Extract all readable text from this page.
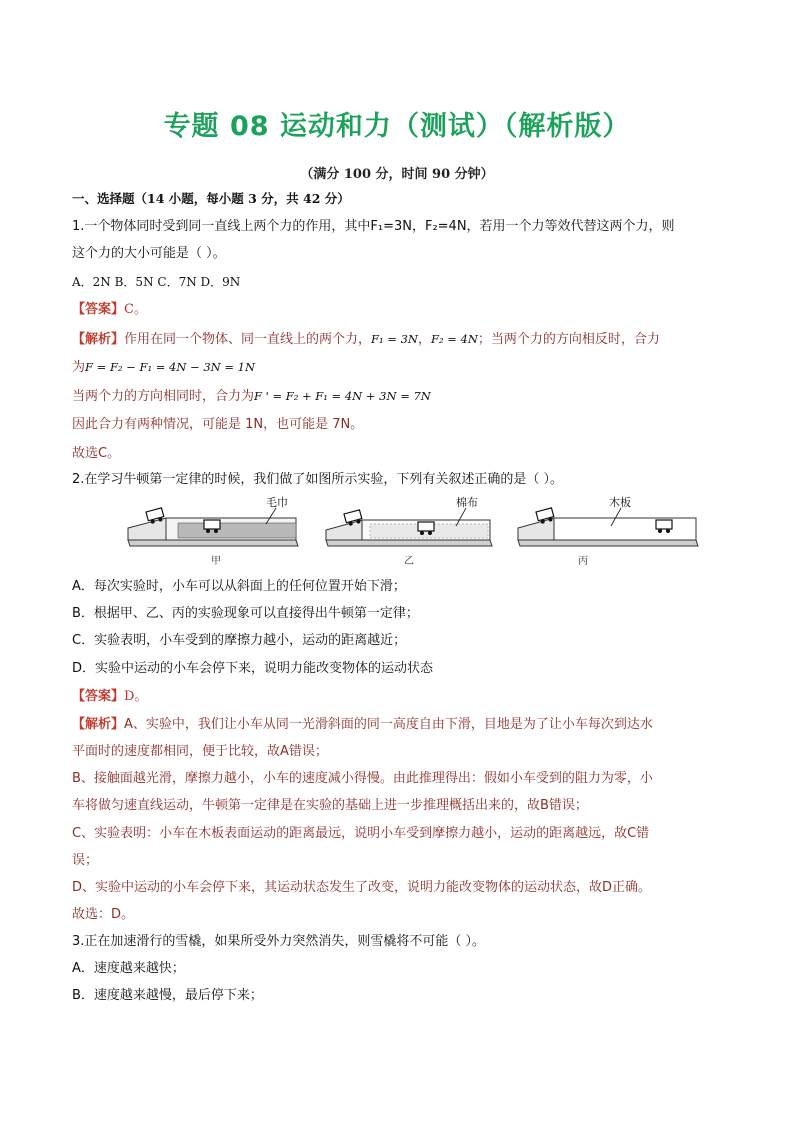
专题 08 运动和力（测试）（解析版）
（满分 100 分，时间 90 分钟）
一、选择题（14 小题，每小题 3 分，共 42 分）
1.一个物体同时受到同一直线上两个力的作用，其中F₁=3N，F₂=4N，若用一个力等效代替这两个力，则
这个力的大小可能是（ ）。
A．2N B．5N C．7N D．9N
【答案】C。
【解析】作用在同一个物体、同一直线上的两个力，F₁ = 3N，F₂ = 4N；当两个力的方向相反时，合力
为F = F₂ − F₁ = 4N − 3N = 1N
当两个力的方向相同时，合力为F ' = F₂ + F₁ = 4N + 3N = 7N
因此合力有两种情况，可能是 1N，也可能是 7N。
故选C。
2.在学习牛顿第一定律的时候，我们做了如图所示实验，下列有关叙述正确的是（ ）。
毛巾
甲
棉布
乙
木板
丙
A．每次实验时，小车可以从斜面上的任何位置开始下滑；
B．根据甲、乙、丙的实验现象可以直接得出牛顿第一定律；
C．实验表明，小车受到的摩擦力越小，运动的距离越近；
D．实验中运动的小车会停下来，说明力能改变物体的运动状态
【答案】D。
【解析】A、实验中，我们让小车从同一光滑斜面的同一高度自由下滑，目地是为了让小车每次到达水
平面时的速度都相同，便于比较，故A错误；
B、接触面越光滑，摩擦力越小，小车的速度减小得慢。由此推理得出：假如小车受到的阻力为零，小
车将做匀速直线运动，牛顿第一定律是在实验的基础上进一步推理概括出来的，故B错误；
C、实验表明：小车在木板表面运动的距离最远，说明小车受到摩擦力越小，运动的距离越远，故C错
误；
D、实验中运动的小车会停下来，其运动状态发生了改变，说明力能改变物体的运动状态，故D正确。
故选：D。
3.正在加速滑行的雪橇，如果所受外力突然消失，则雪橇将不可能（ ）。
A．速度越来越快；
B．速度越来越慢，最后停下来；
